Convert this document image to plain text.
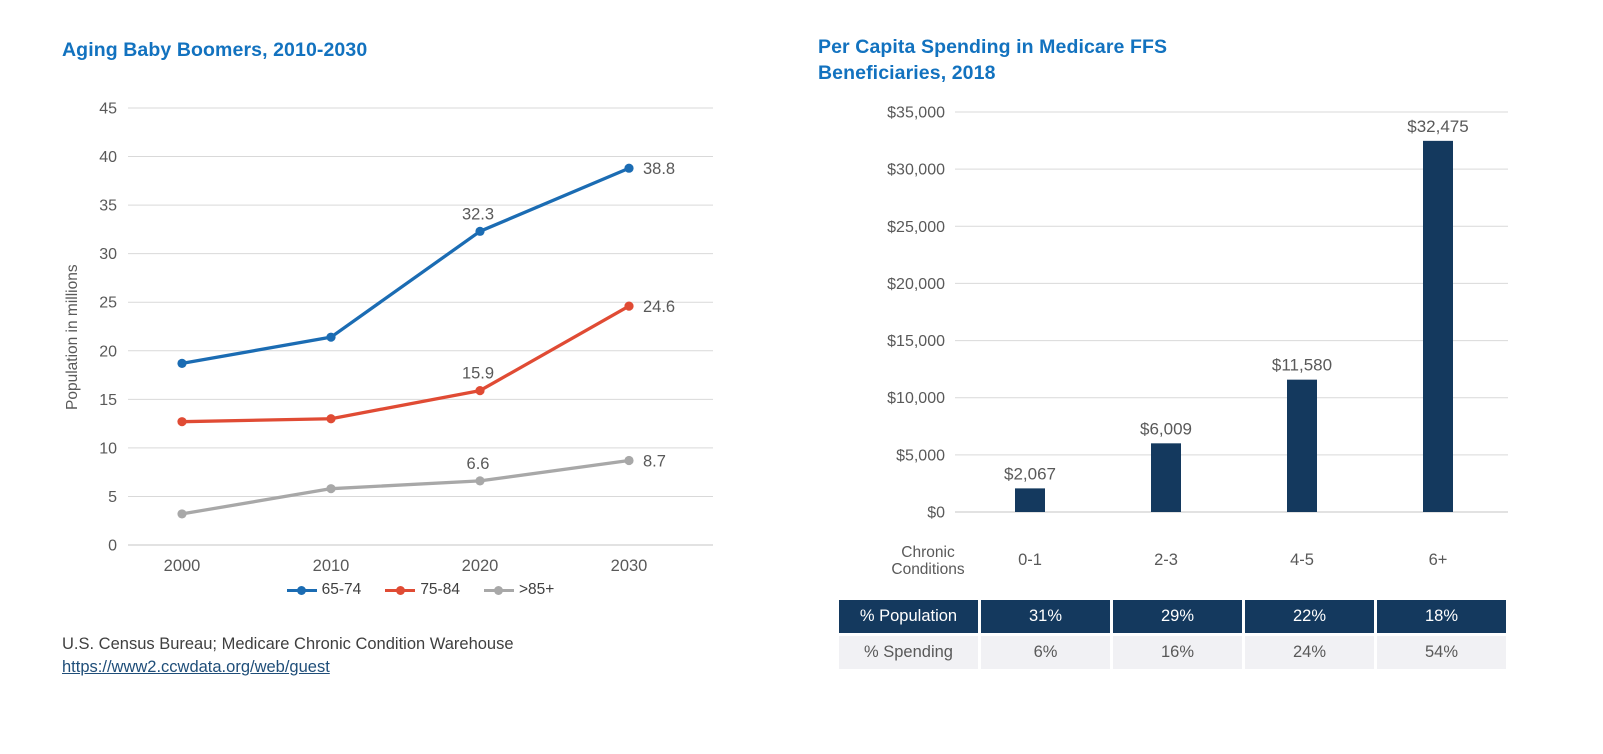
Aging Baby Boomers, 2010-2030
Population in millions
0
5
10
15
20
25
30
35
40
45
2000	2010	2020	2030
32.3
38.8
15.9
24.6
6.6	8.7
65-74	75-84	>85+
U.S. Census Bureau; Medicare Chronic Condition Warehouse
https://www2.ccwdata.org/web/guest
Per Capita Spending in Medicare FFS
Beneficiaries, 2018
$0
$5,000
$10,000
$15,000
$20,000
$25,000
$30,000
$35,000
$2,067
0-1
$6,009
2-3
$11,580
4-5
$32,475
6+
Chronic
Conditions
% Population	31%	29%	22%	18%
% Spending	6%	16%	24%	54%
